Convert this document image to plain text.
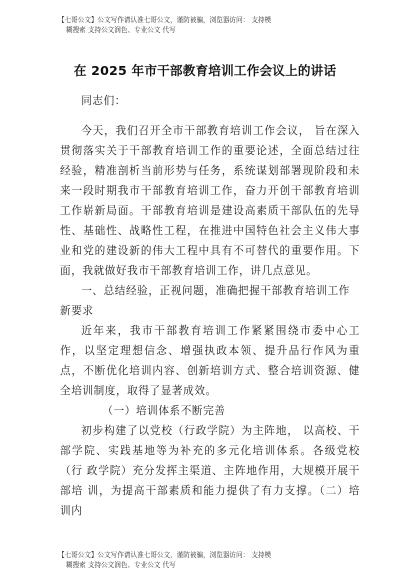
【七哥公文】公文写作请认准七哥公文，谨防被骗，浏览器访问： 支持模
糊搜索 支持公文润色、专业公文 代写
在 2025 年市干部教育培训工作会议上的讲话

同志们：

今天，我们召开全市干部教育培训工作会议， 旨在深入 贯彻落实关于干部教育培训工作的重要论述，全面总结过往 经验，精准剖析当前形势与任务，系统谋划部署现阶段和未 来一段时期我市干部教育培训工作，奋力开创干部教育培训 工作崭新局面。干部教育培训是建设高素质干部队伍的先导 性、基础性、战略性工程，在推进中国特色社会主义伟大事 业和党的建设新的伟大工程中具有不可替代的重要作用。下 面，我就做好我市干部教育培训工作，讲几点意见。

一、总结经验，正视问题，准确把握干部教育培训工作新要求

近年来，我市干部教育培训工作紧紧围绕市委中心工作，以坚定理想信念、增强执政本领、提升品行作风为重点，不断优化培训内容、创新培训方式、整合培训资源、健全培训制度，取得了显著成效。

（一）培训体系不断完善

初步构建了以党校（行政学院）为主阵地， 以高校、干 部学院、实践基地等为补充的多元化培训体系。各级党校（行 政学院）充分发挥主渠道、主阵地作用，大规模开展干部培 训，为提高干部素质和能力提供了有力支撑。（二）培训内

【七哥公文】公文写作请认准七哥公文，谨防被骗，浏览器访问： 支持模
糊搜索 支持公文润色、专业公文 代写
